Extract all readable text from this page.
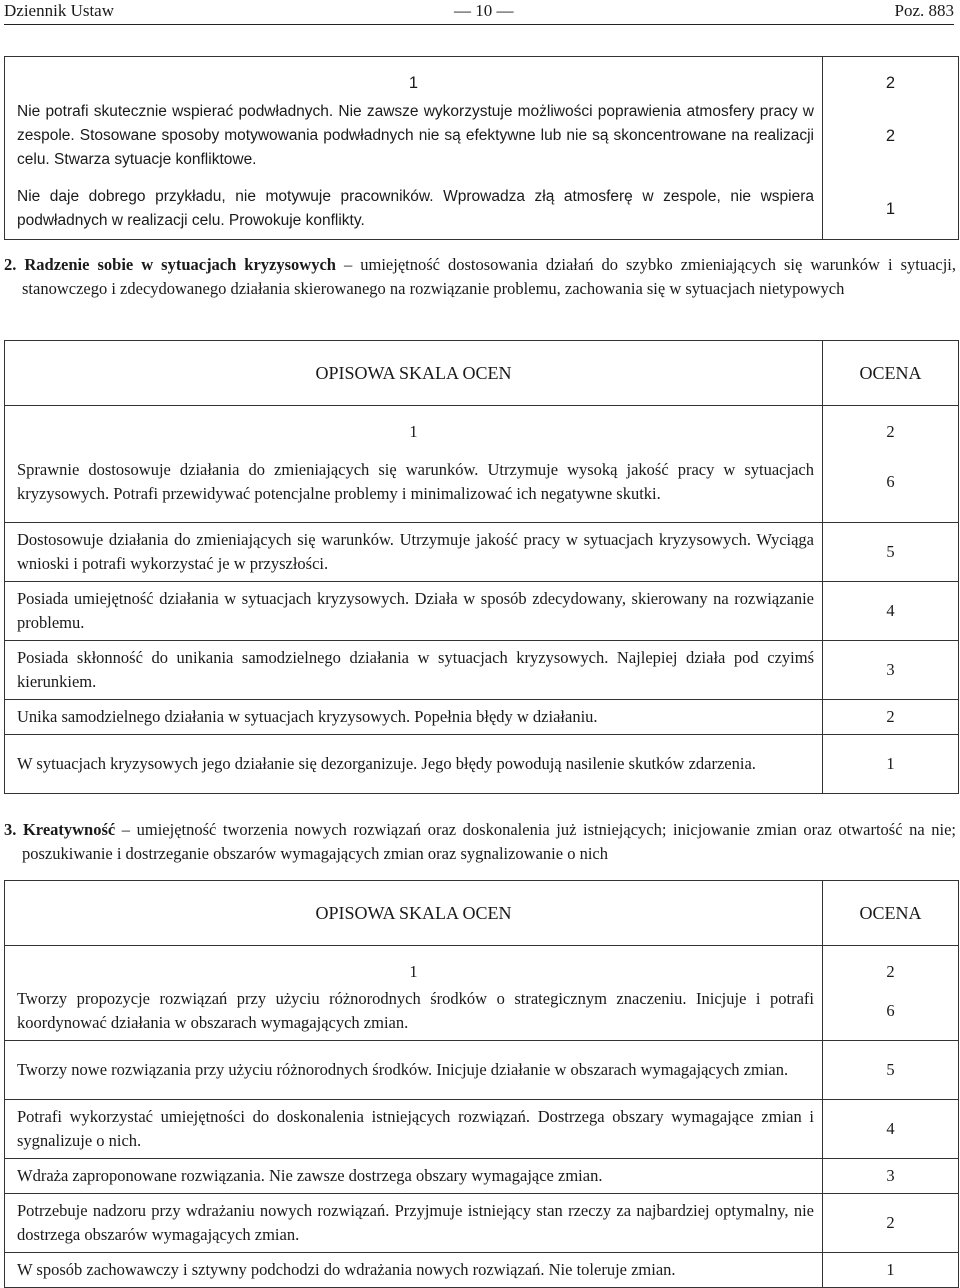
Dziennik Ustaw	— 10 —	Poz. 883
1	2
Nie potrafi skutecznie wspierać podwładnych. Nie zawsze wykorzystuje możliwości poprawienia atmosfery pracy w zespole. Stosowane sposoby motywowania podwładnych nie są efektywne lub nie są skoncentrowane na realizacji celu. Stwarza sytuacje konfliktowe.	2
Nie daje dobrego przykładu, nie motywuje pracowników. Wprowadza złą atmosferę w zespole, nie wspiera podwładnych w realizacji celu. Prowokuje konflikty.	1
2. Radzenie sobie w sytuacjach kryzysowych – umiejętność dostosowania działań do szybko zmieniających się warunków i sytuacji, stanowczego i zdecydowanego działania skierowanego na rozwiązanie problemu, zachowania się w sytuacjach nietypowych
OPISOWA SKALA OCEN	OCENA
1	2
Sprawnie dostosowuje działania do zmieniających się warunków. Utrzymuje wysoką jakość pracy w sytuacjach kryzysowych. Potrafi przewidywać potencjalne problemy i minimalizować ich negatywne skutki.	6
Dostosowuje działania do zmieniających się warunków. Utrzymuje jakość pracy w sytuacjach kryzysowych. Wyciąga wnioski i potrafi wykorzystać je w przyszłości.	5
Posiada umiejętność działania w sytuacjach kryzysowych. Działa w sposób zdecydowany, skierowany na rozwiązanie problemu.	4
Posiada skłonność do unikania samodzielnego działania w sytuacjach kryzysowych. Najlepiej działa pod czyimś kierunkiem.	3
Unika samodzielnego działania w sytuacjach kryzysowych. Popełnia błędy w działaniu.	2
W sytuacjach kryzysowych jego działanie się dezorganizuje. Jego błędy powodują nasilenie skutków zdarzenia.	1
3. Kreatywność – umiejętność tworzenia nowych rozwiązań oraz doskonalenia już istniejących; inicjowanie zmian oraz otwartość na nie; poszukiwanie i dostrzeganie obszarów wymagających zmian oraz sygnalizowanie o nich
OPISOWA SKALA OCEN	OCENA
1	2
Tworzy propozycje rozwiązań przy użyciu różnorodnych środków o strategicznym znaczeniu. Inicjuje i potrafi koordynować działania w obszarach wymagających zmian.	6
Tworzy nowe rozwiązania przy użyciu różnorodnych środków. Inicjuje działanie w obszarach wymagających zmian.	5
Potrafi wykorzystać umiejętności do doskonalenia istniejących rozwiązań. Dostrzega obszary wymagające zmian i sygnalizuje o nich.	4
Wdraża zaproponowane rozwiązania. Nie zawsze dostrzega obszary wymagające zmian.	3
Potrzebuje nadzoru przy wdrażaniu nowych rozwiązań. Przyjmuje istniejący stan rzeczy za najbardziej optymalny, nie dostrzega obszarów wymagających zmian.	2
W sposób zachowawczy i sztywny podchodzi do wdrażania nowych rozwiązań. Nie toleruje zmian.	1
